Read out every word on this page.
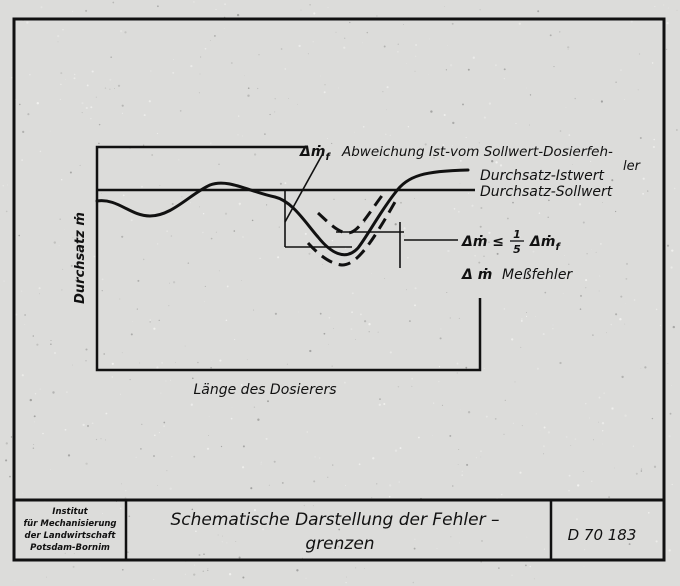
Institut
für Mechanisierung
der Landwirtschaft
Potsdam-Bornim
Schematische Darstellung der Fehler –
grenzen	D 70 183
Durchsatz ṁ
Länge des Dosierers
Δṁ$_f$ Abweichung Ist-vom Sollwert-Dosierfeh-
ler
Durchsatz-Istwert
Durchsatz-Sollwert
Δṁ ≤ 1
5 Δṁ$_f$
Δ ṁ Meßfehler
